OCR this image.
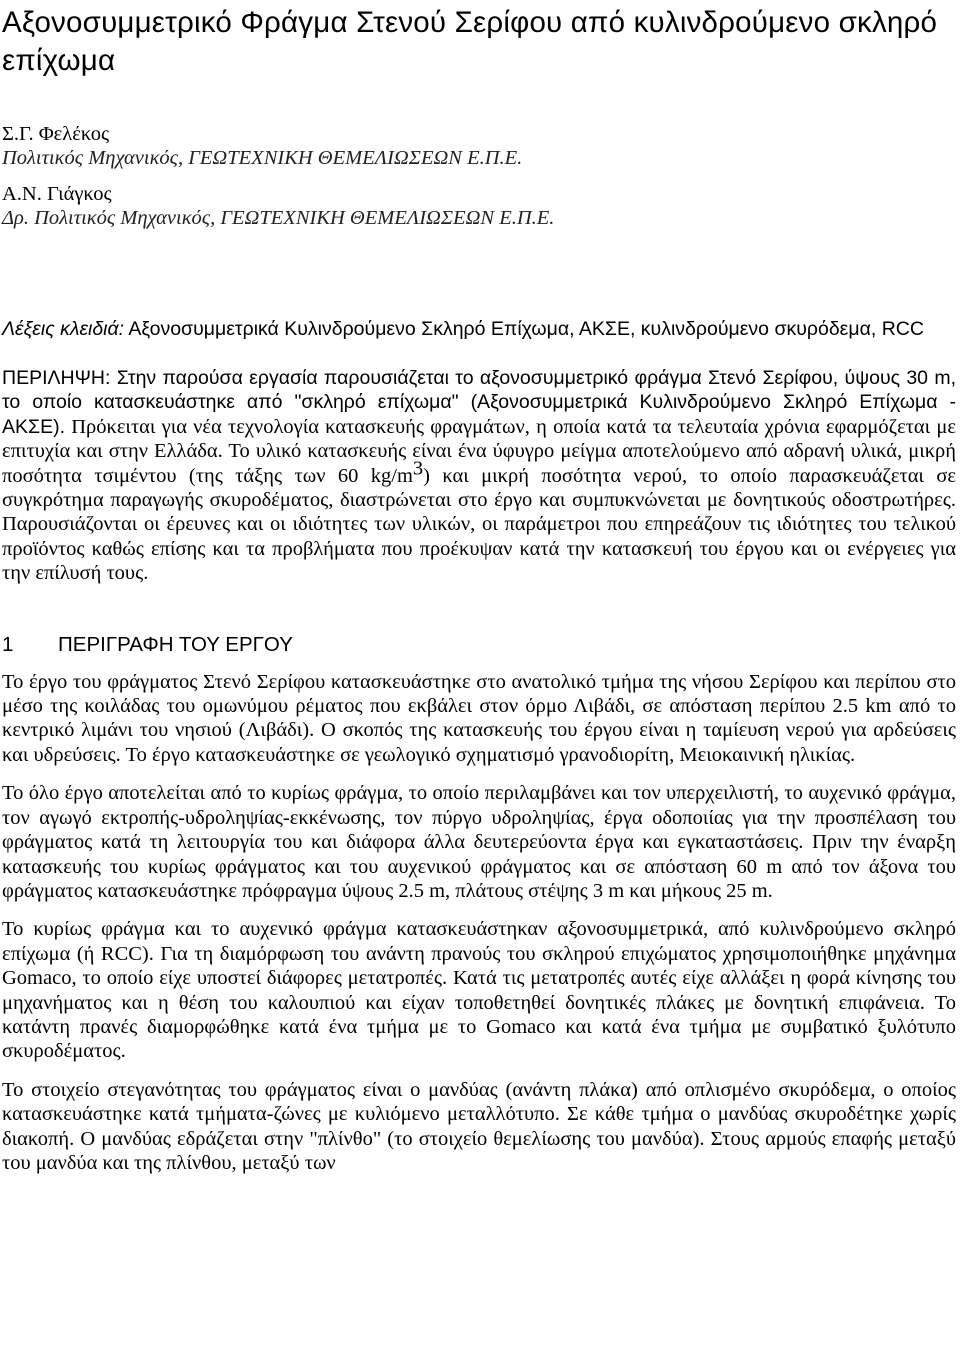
Αξονοσυμμετρικό Φράγμα Στενού Σερίφου από κυλινδρούμενο σκληρό επίχωμα
Σ.Γ. Φελέκος
Πολιτικός Μηχανικός, ΓΕΩΤΕΧΝΙΚΗ ΘΕΜΕΛΙΩΣΕΩΝ Ε.Π.Ε.
Α.Ν. Γιάγκος
Δρ. Πολιτικός Μηχανικός, ΓΕΩΤΕΧΝΙΚΗ ΘΕΜΕΛΙΩΣΕΩΝ Ε.Π.Ε.
Λέξεις κλειδιά: Αξονοσυμμετρικά Κυλινδρούμενο Σκληρό Επίχωμα, ΑΚΣΕ, κυλινδρούμενο σκυρόδεμα, RCC
ΠΕΡΙΛΗΨΗ: Στην παρούσα εργασία παρουσιάζεται το αξονοσυμμετρικό φράγμα Στενό Σερίφου, ύψους 30 m, το οποίο κατασκευάστηκε από "σκληρό επίχωμα" (Αξονοσυμμετρικά Κυλινδρούμενο Σκληρό Επίχωμα - ΑΚΣΕ). Πρόκειται για νέα τεχνολογία κατασκευής φραγμάτων, η οποία κατά τα τελευταία χρόνια εφαρμόζεται με επιτυχία και στην Ελλάδα. Το υλικό κατασκευής είναι ένα ύφυγρο μείγμα αποτελούμενο από αδρανή υλικά, μικρή ποσότητα τσιμέντου (της τάξης των 60 $kg/m^3$) και μικρή ποσότητα νερού, το οποίο παρασκευάζεται σε συγκρότημα παραγωγής σκυροδέματος, διαστρώνεται στο έργο και συμπυκνώνεται με δονητικούς οδοστρωτήρες. Παρουσιάζονται οι έρευνες και οι ιδιότητες των υλικών, οι παράμετροι που επηρεάζουν τις ιδιότητες του τελικού προϊόντος καθώς επίσης και τα προβλήματα που προέκυψαν κατά την κατασκευή του έργου και οι ενέργειες για την επίλυσή τους.
1 ΠΕΡΙΓΡΑΦΗ ΤΟΥ ΕΡΓΟΥ

Το έργο του φράγματος Στενό Σερίφου κατασκευάστηκε στο ανατολικό τμήμα της νήσου Σερίφου και περίπου στο μέσο της κοιλάδας του ομωνύμου ρέματος που εκβάλει στον όρμο Λιβάδι, σε απόσταση περίπου 2.5 km από το κεντρικό λιμάνι του νησιού (Λιβάδι). Ο σκοπός της κατασκευής του έργου είναι η ταμίευση νερού για αρδεύσεις και υδρεύσεις. Το έργο κατασκευάστηκε σε γεωλογικό σχηματισμό γρανοδιορίτη, Μειοκαινική ηλικίας.

Το όλο έργο αποτελείται από το κυρίως φράγμα, το οποίο περιλαμβάνει και τον υπερχειλιστή, το αυχενικό φράγμα, τον αγωγό εκτροπής-υδροληψίας-εκκένωσης, τον πύργο υδροληψίας, έργα οδοποιίας για την προσπέλαση του φράγματος κατά τη λειτουργία του και διάφορα άλλα δευτερεύοντα έργα και εγκαταστάσεις. Πριν την έναρξη κατασκευής του κυρίως φράγματος και του αυχενικού φράγματος και σε απόσταση 60 m από τον άξονα του φράγματος κατασκευάστηκε πρόφραγμα ύψους 2.5 m, πλάτους στέψης 3 m και μήκους 25 m.

Το κυρίως φράγμα και το αυχενικό φράγμα κατασκευάστηκαν αξονοσυμμετρικά, από κυλινδρούμενο σκληρό επίχωμα (ή RCC). Για τη διαμόρφωση του ανάντη πρανούς του σκληρού επιχώματος χρησιμοποιήθηκε μηχάνημα Gomaco, το οποίο είχε υποστεί διάφορες μετατροπές. Κατά τις μετατροπές αυτές είχε αλλάξει η φορά κίνησης του μηχανήματος και η θέση του καλουπιού και είχαν τοποθετηθεί δονητικές πλάκες με δονητική επιφάνεια. Το κατάντη πρανές διαμορφώθηκε κατά ένα τμήμα με το Gomaco και κατά ένα τμήμα με συμβατικό ξυλότυπο σκυροδέματος.

Το στοιχείο στεγανότητας του φράγματος είναι ο μανδύας (ανάντη πλάκα) από οπλισμένο σκυρόδεμα, ο οποίος κατασκευάστηκε κατά τμήματα-ζώνες με κυλιόμενο μεταλλότυπο. Σε κάθε τμήμα ο μανδύας σκυροδέτηκε χωρίς διακοπή. Ο μανδύας εδράζεται στην "πλίνθο" (το στοιχείο θεμελίωσης του μανδύα). Στους αρμούς επαφής μεταξύ του μανδύα και της πλίνθου, μεταξύ των
